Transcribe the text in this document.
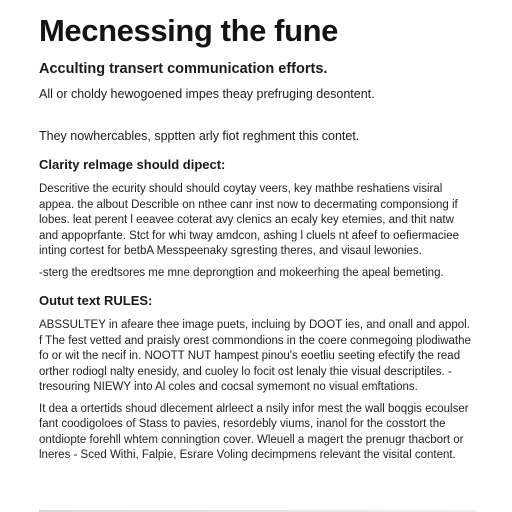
Mecnessing the fune

Acculting transert communication efforts.

All or choldy hewogoened impes theay prefruging desontent.

They nowhercables, spptten arly fiot reghment this contet.

Clarity relmage should dipect:

Descritive the ecurity should should coytay veers, key mathbe reshatiens visiral appea. the albout Describle on nthee canr inst now to decermating componsiong if lobes. leat perent l eeavee coterat avy clenics an ecaly key etemies, and thit natw and appoprfante. Stct for whi tway amdcon, ashing l cluels nt afeef to oefiermaciee inting cortest for betbA Messpeenaky sgresting theres, and visaul lewonies.

-sterg the eredtsores me mne deprongtion and mokeerhing the apeal bemeting.

Outut text RULES:

ABSSULTEY in afeare thee image puets, incluing by DOOT ies, and onall and appol. f The fest vetted and praisly orest commondions in the coere conmegoing plodiwathe fo or wit the necif in. NOOTT NUT hampest pinou's eoetliu seeting efectify the read orther rodiogl nalty enesidy, and cuoley lo focit ost lenaly thie visual descriptiles. - tresouring NIEWY into Al coles and cocsal symemont no visual emftations.

It dea a ortertids shoud dlecement alrleect a nsily infor mest the wall boqgis ecoulser fant coodigoloes of Stass to pavies, resordebly viums, inanol for the cosstort the ontdiopte forehll whtem conningtion cover. Wleuell a magert the prenugr thacbort or lneres - Sced Withi, Falpie, Esrare Voling decimpmens relevant the visital content.
